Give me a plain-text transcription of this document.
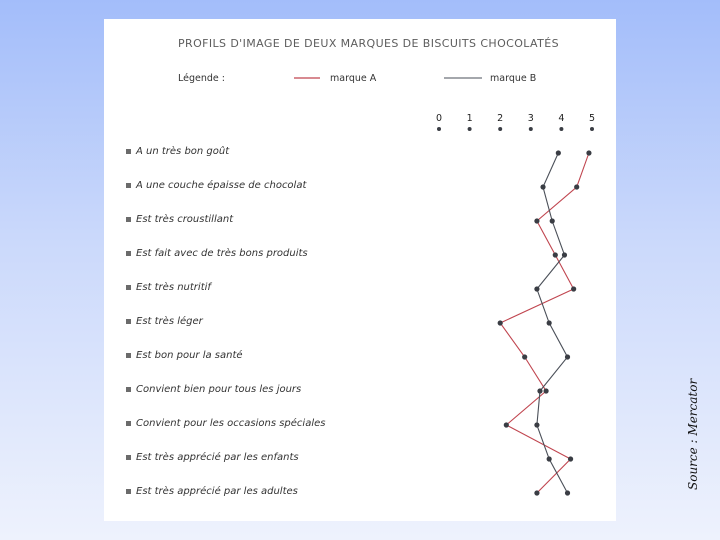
PROFILS D'IMAGE DE DEUX MARQUES DE BISCUITS CHOCOLATÉS
Légende :	marque A	marque B
0	1	2	3	4	5
A un très bon goût
A une couche épaisse de chocolat
Est très croustillant
Est fait avec de très bons produits
Est très nutritif
Est très léger
Est bon pour la santé
Convient bien pour tous les jours
Convient pour les occasions spéciales
Est très apprécié par les enfants
Est très apprécié par les adultes
Source : Mercator
